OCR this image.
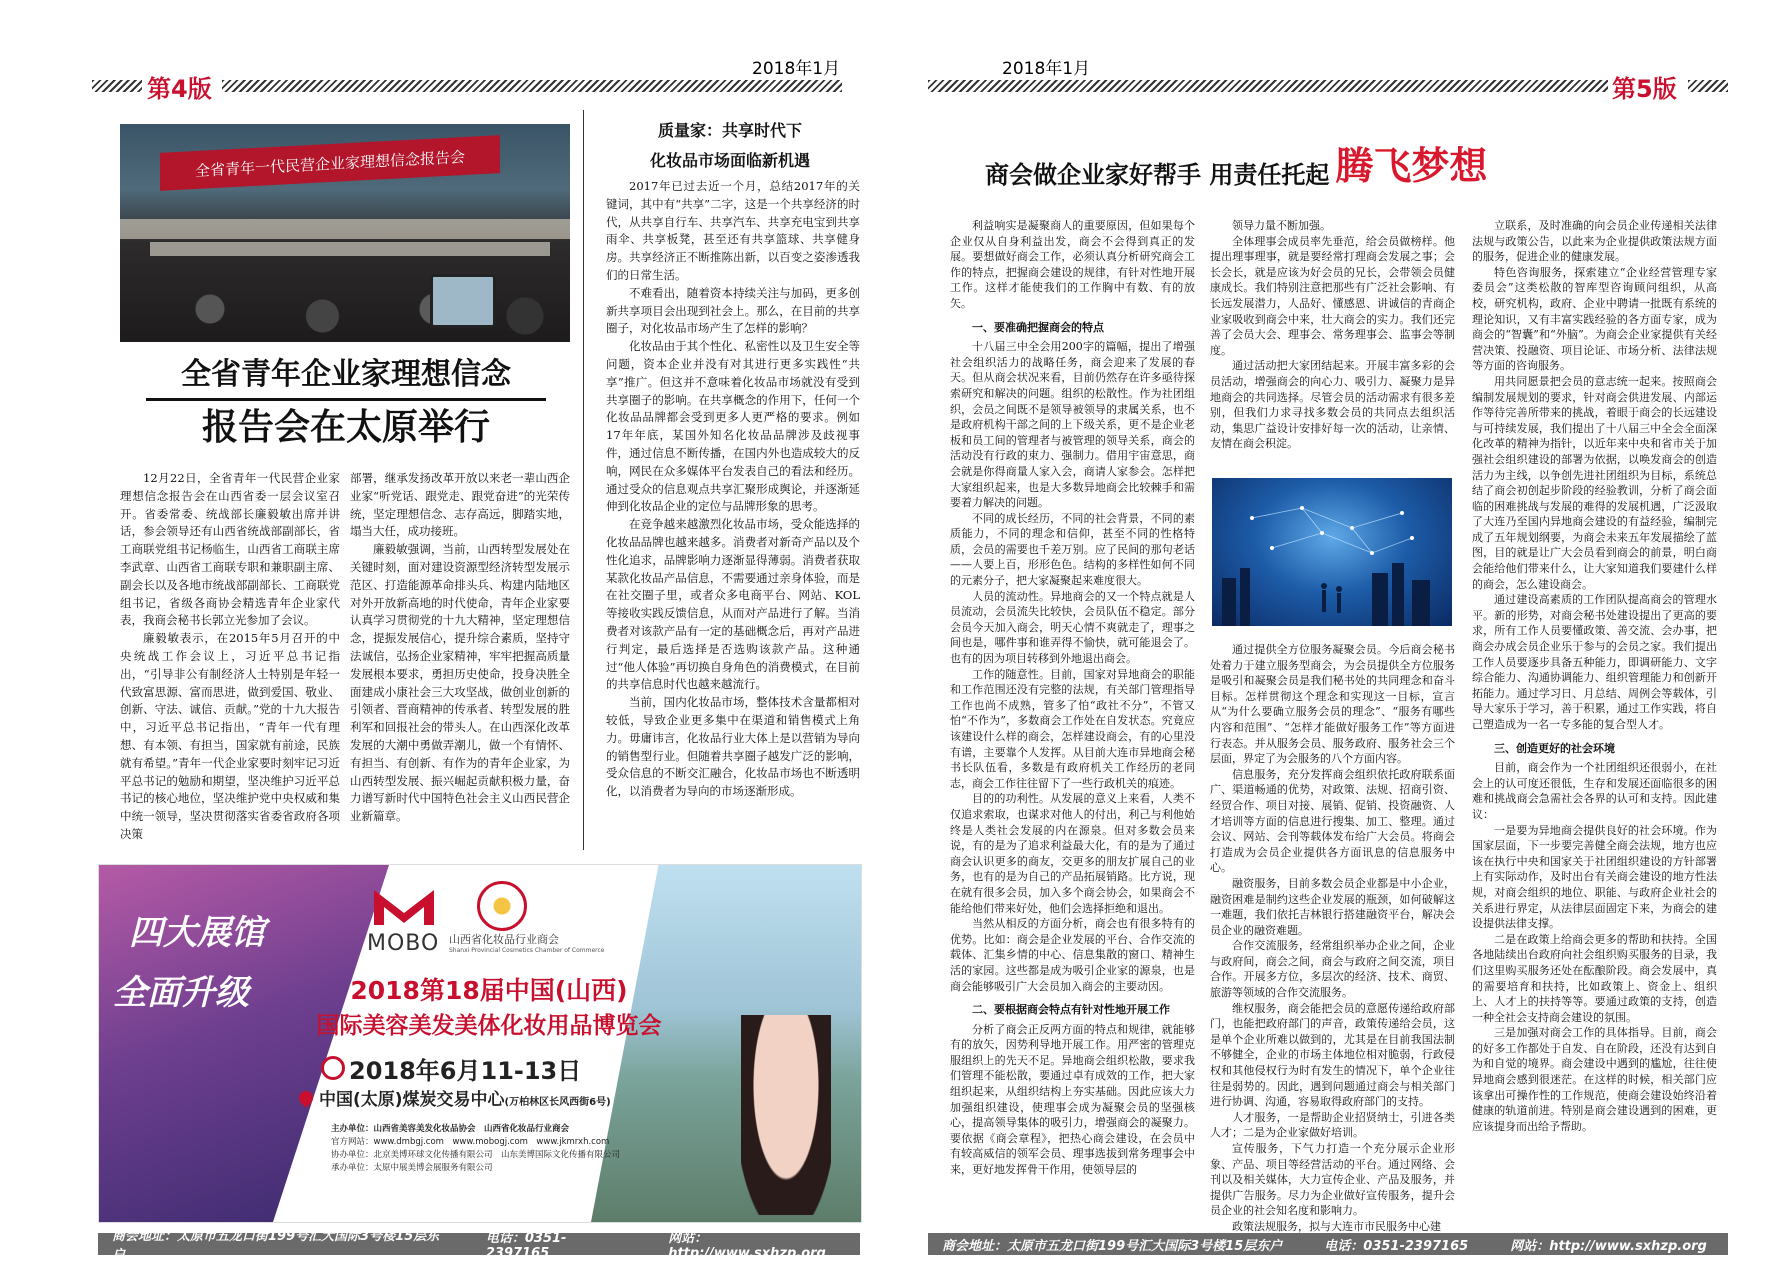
第4版
2018年1月
全省青年一代民营企业家理想信念报告会
全省青年企业家理想信念
报告会在太原举行

12月22日，全省青年一代民营企业家理想信念报告会在山西省委一层会议室召开。省委常委、统战部长廉毅敏出席并讲话，参会领导还有山西省统战部副部长，省工商联党组书记杨临生，山西省工商联主席李武章、山西省工商联专职和兼职副主席、副会长以及各地市统战部副部长、工商联党组书记，省级各商协会精选青年企业家代表，我商会秘书长郭立光参加了会议。

廉毅敏表示，在2015年5月召开的中央统战工作会议上，习近平总书记指出，“引导非公有制经济人士特别是年轻一代致富思源、富而思进，做到爱国、敬业、创新、守法、诚信、贡献。”党的十九大报告中，习近平总书记指出，“青年一代有理想、有本领、有担当，国家就有前途，民族就有希望。”青年一代企业家要时刻牢记习近平总书记的勉励和期望，坚决维护习近平总书记的核心地位，坚决维护党中央权威和集中统一领导，坚决贯彻落实省委省政府各项决策

部署，继承发扬改革开放以来老一辈山西企业家“听党话、跟党走、跟党奋进”的光荣传统，坚定理想信念、志存高远，脚踏实地，塌当大任，成功接班。

廉毅敏强调，当前，山西转型发展处在关键时刻，面对建设资源型经济转型发展示范区、打造能源革命排头兵、构建内陆地区对外开放新高地的时代使命，青年企业家要认真学习贯彻党的十九大精神，坚定理想信念，提振发展信心，提升综合素质，坚持守法诚信，弘扬企业家精神，牢牢把握高质量发展根本要求，勇担历史使命，投身决胜全面建成小康社会三大攻坚战，做创业创新的引领者、晋商精神的传承者、转型发展的胜利军和回报社会的带头人。在山西深化改革发展的大潮中勇做弄潮儿，做一个有情怀、有担当、有创新、有作为的青年企业家，为山西转型发展、振兴崛起贡献积极力量，奋力谱写新时代中国特色社会主义山西民营企业新篇章。

质量家：共享时代下
化妆品市场面临新机遇

2017年已过去近一个月，总结2017年的关键词，其中有“共享”二字，这是一个共享经济的时代，从共享自行车、共享汽车、共享充电宝到共享雨伞、共享板凳，甚至还有共享篮球、共享健身房。共享经济正不断推陈出新，以百变之姿渗透我们的日常生活。

不难看出，随着资本持续关注与加码，更多创新共享项目会出现到社会上。那么，在目前的共享圈子，对化妆品市场产生了怎样的影响？

化妆品由于其个性化、私密性以及卫生安全等问题，资本企业并没有对其进行更多实践性“共享”推广。但这并不意味着化妆品市场就没有受到共享圈子的影响。在共享概念的作用下，任何一个化妆品品牌都会受到更多人更严格的要求。例如17年年底，某国外知名化妆品品牌涉及歧视事件，通过信息不断传播，在国内外也造成较大的反响，网民在众多媒体平台发表自己的看法和经历。通过受众的信息观点共享汇聚形成舆论，并逐渐延伸到化妆品企业的定位与品牌形象的思考。

在竞争越来越激烈化妆品市场，受众能选择的化妆品品牌也越来越多。消费者对新奇产品以及个性化追求，品牌影响力逐渐显得薄弱。消费者获取某款化妆品产品信息，不需要通过亲身体验，而是在社交圈子里，或者众多电商平台、网站、KOL等接收实践反馈信息，从而对产品进行了解。当消费者对该款产品有一定的基础概念后，再对产品进行判定，最后选择是否选购该款产品。这种通过“他人体验”再切换自身角色的消费模式，在目前的共享信息时代也越来越流行。

当前，国内化妆品市场，整体技术含量都相对较低，导致企业更多集中在渠道和销售模式上角力。毋庸讳言，化妆品行业大体上是以营销为导向的销售型行业。但随着共享圈子越发广泛的影响，受众信息的不断交汇融合，化妆品市场也不断透明化，以消费者为导向的市场逐渐形成。

四大展馆
全面升级
MOBO 山西省化妆品行业商会
Shanxi Provincial Cosmetics Chamber of Commerce
2018第18届中国(山西)
国际美容美发美体化妆用品博览会
2018年6月11-13日
中国(太原)煤炭交易中心(万柏林区长风西街6号)
主办单位：山西省美容美发化妆品协会　山西省化妆品行业商会
官方网站：www.dmbgj.com　www.mobogj.com　www.jkmrxh.com
协办单位：北京美博环球文化传播有限公司　山东美博国际文化传播有限公司
承办单位：太原中展美博会展服务有限公司
商会地址：太原市五龙口街199号汇大国际3号楼15层东户
电话：0351-2397165
网站：http://www.sxhzp.org
2018年1月
第5版
商会做企业家好帮手 用责任托起 腾飞梦想

利益响实是凝聚商人的重要原因，但如果每个企业仅从自身利益出发，商会不会得到真正的发展。要想做好商会工作，必须认真分析研究商会工作的特点，把握商会建设的规律，有针对性地开展工作。这样才能使我们的工作胸中有数、有的放矢。

一、要准确把握商会的特点

十八届三中全会用200字的篇幅，提出了增强社会组织活力的战略任务，商会迎来了发展的春天。但从商会状况来看，目前仍然存在许多亟待探索研究和解决的问题。组织的松散性。作为社团组织，会员之间既不是领导被领导的隶属关系，也不是政府机构干部之间的上下级关系，更不是企业老板和员工间的管理者与被管理的领导关系，商会的活动没有行政的束力、强制力。借用宇宙意思，商会就是你得商量人家入会，商请人家参会。怎样把大家组织起来，也是大多数异地商会比较棘手和需要着力解决的问题。

不同的成长经历，不同的社会背景，不同的素质能力，不同的理念和信仰，甚至不同的性格特质，会员的需要也千差万别。应了民间的那句老话——人要上百，形形色色。结构的多样性如何不同的元素分子，把大家凝聚起来难度很大。

人员的流动性。异地商会的又一个特点就是人员流动，会员流失比较快，会员队伍不稳定。部分会员今天加入商会，明天心情不爽就走了，理事之间也是，哪件事和谁弄得不愉快，就可能退会了。也有的因为项目转移到外地退出商会。

工作的随意性。目前，国家对异地商会的职能和工作范围还没有完整的法规，有关部门管理指导工作也尚不成熟，管多了怕“政社不分”，不管又怕“不作为”，多数商会工作处在自发状态。究竟应该建设什么样的商会，怎样建设商会，有的心里没有谱，主要靠个人发挥。从目前大连市异地商会秘书长队伍看，多数是有政府机关工作经历的老同志，商会工作往往留下了一些行政机关的痕迹。

目的的功利性。从发展的意义上来看，人类不仅追求索取，也谋求对他人的付出，利己与利他始终是人类社会发展的内在源泉。但对多数会员来说，有的是为了追求利益最大化，有的是为了通过商会认识更多的商友，交更多的朋友扩展自己的业务，也有的是为自己的产品拓展销路。比方说，现在就有很多会员，加入多个商会协会，如果商会不能给他们带来好处，他们会选择拒绝和退出。

当然从相反的方面分析，商会也有很多特有的优势。比如：商会是企业发展的平台、合作交流的载体、汇集乡情的中心、信息集散的窗口、精神生活的家园。这些都是成为吸引企业家的源泉，也是商会能够吸引广大会员加入商会的主要动因。

二、要根据商会特点有针对性地开展工作

分析了商会正反两方面的特点和规律，就能够有的放矢，因势利导地开展工作。用严密的管理克服组织上的先天不足。异地商会组织松散，要求我们管理不能松散，要通过卓有成效的工作，把大家组织起来，从组织结构上夯实基础。因此应该大力加强组织建设，使理事会成为凝聚会员的坚强核心，提高领导集体的吸引力，增强商会的凝聚力。要依据《商会章程》，把热心商会建设，在会员中有较高威信的领军会员、理事选拔到常务理事会中来，更好地发挥骨干作用，使领导层的

领导力量不断加强。

全体理事会成员率先垂范，给会员做榜样。他提出理事理事，就是要经常打理商会发展之事；会长会长，就是应该为好会员的兄长，会带领会员健康成长。我们特别注意把那些有广泛社会影响、有长远发展潜力，人品好、懂感恩、讲诚信的青商企业家吸收到商会中来，壮大商会的实力。我们还完善了会员大会、理事会、常务理事会、监事会等制度。

通过活动把大家团结起来。开展丰富多彩的会员活动，增强商会的向心力、吸引力、凝聚力是异地商会的共同选择。尽管会员的活动需求有很多差别，但我们力求寻找多数会员的共同点去组织活动，集思广益设计安排好每一次的活动，让亲情、友情在商会积淀。

通过提供全方位服务凝聚会员。今后商会秘书处着力于建立服务型商会，为会员提供全方位服务是吸引和凝聚会员是我们秘书处的共同理念和奋斗目标。怎样贯彻这个理念和实现这一目标，宣言从“为什么要确立服务会员的理念”、“服务有哪些内容和范围”、“怎样才能做好服务工作”等方面进行表态。并从服务会员、服务政府、服务社会三个层面，界定了为会服务的八个方面内容。

信息服务，充分发挥商会组织依托政府联系面广、渠道畅通的优势，对政策、法规、招商引资、经贸合作、项目对接、展销、促销、投资融资、人才培训等方面的信息进行搜集、加工、整理。通过会议、网站、会刊等载体发布给广大会员。将商会打造成为会员企业提供各方面讯息的信息服务中心。

融资服务，目前多数会员企业都是中小企业，融资困难是制约这些企业发展的瓶颈，如何破解这一难题，我们依托吉林银行搭建融资平台，解决会员企业的融资难题。

合作交流服务，经常组织举办企业之间，企业与政府间，商会之间，商会与政府之间交流，项目合作。开展多方位，多层次的经济、技术、商贸、旅游等领域的合作交流服务。

维权服务，商会能把会员的意愿传递给政府部门，也能把政府部门的声音，政策传递给会员，这是单个企业所难以做到的，尤其是在目前我国法制不够健全，企业的市场主体地位相对脆弱，行政侵权和其他侵权行为时有发生的情况下，单个企业往往是弱势的。因此，遇到问题通过商会与相关部门进行协调、沟通，容易取得政府部门的支持。

人才服务，一是帮助企业招贤纳士，引进各类人才；二是为企业家做好培训。

宣传服务，下气力打造一个充分展示企业形象、产品、项目等经营活动的平台。通过网络、会刊以及相关媒体，大力宣传企业、产品及服务，并提供广告服务。尽力为企业做好宣传服务，提升会员企业的社会知名度和影响力。

政策法规服务，拟与大连市市民服务中心建

立联系，及时准确的向会员企业传递相关法律法规与政策公告，以此来为企业提供政策法规方面的服务，促进企业的健康发展。

特色咨询服务，探索建立“企业经营管理专家委员会”这类松散的智库型咨询顾问组织，从高校，研究机构，政府、企业中聘请一批既有系统的理论知识，又有丰富实践经验的各方面专家，成为商会的“智囊”和“外脑”。为商会企业家提供有关经营决策、投融资、项目论证、市场分析、法律法规等方面的咨询服务。

用共同愿景把会员的意志统一起来。按照商会编制发展规划的要求，针对商会供进发展、内部运作等待完善所带来的挑战，着眼于商会的长远建设与可持续发展，我们提出了十八届三中全会全面深化改革的精神为指针，以近年来中央和省市关于加强社会组织建设的部署为依据，以唤发商会的创造活力为主线，以争创先进社团组织为目标，系统总结了商会初创起步阶段的经验教训，分析了商会面临的困难挑战与发展的难得的发展机遇，广泛汲取了大连乃至国内异地商会建设的有益经验，编制完成了五年规划纲要，为商会未来五年发展描绘了蓝图，目的就是让广大会员看到商会的前景，明白商会能给他们带来什么，让大家知道我们要建什么样的商会，怎么建设商会。

通过建设高素质的工作团队提高商会的管理水平。新的形势，对商会秘书处建设提出了更高的要求，所有工作人员要懂政策、善交流、会办事，把商会办成会员企业乐于参与的会员之家。我们提出工作人员要逐步具备五种能力，即调研能力、文字综合能力、沟通协调能力、组织管理能力和创新开拓能力。通过学习日、月总结、周例会等载体，引导大家乐于学习，善于积累，通过工作实践，将自己塑造成为一名一专多能的复合型人才。

三、创造更好的社会环境

目前，商会作为一个社团组织还很弱小，在社会上的认可度还很低，生存和发展还面临很多的困难和挑战商会急需社会各界的认可和支持。因此建议：

一是要为异地商会提供良好的社会环境。作为国家层面，下一步要完善健全商会法规，地方也应该在执行中央和国家关于社团组织建设的方针部署上有实际动作，及时出台有关商会建设的地方性法规，对商会组织的地位、职能、与政府企业社会的关系进行界定，从法律层面固定下来，为商会的建设提供法律支撑。

二是在政策上给商会更多的帮助和扶持。全国各地陆续出台政府向社会组织购买服务的目录，我们这里购买服务还处在酝酿阶段。商会发展中，真的需要培育和扶持，比如政策上、资金上、组织上、人才上的扶持等等。要通过政策的支持，创造一种全社会支持商会建设的氛围。

三是加强对商会工作的具体指导。目前，商会的好多工作都处于自发、自在阶段，还没有达到自为和自觉的境界。商会建设中遇到的尴尬，往往使异地商会感到很迷茫。在这样的时候，相关部门应该拿出可操作性的工作规范，使商会建设始终沿着健康的轨道前进。特别是商会建设遇到的困难，更应该提身而出给予帮助。

商会地址：太原市五龙口街199号汇大国际3号楼15层东户	电话：0351-2397165	网站：http://www.sxhzp.org
